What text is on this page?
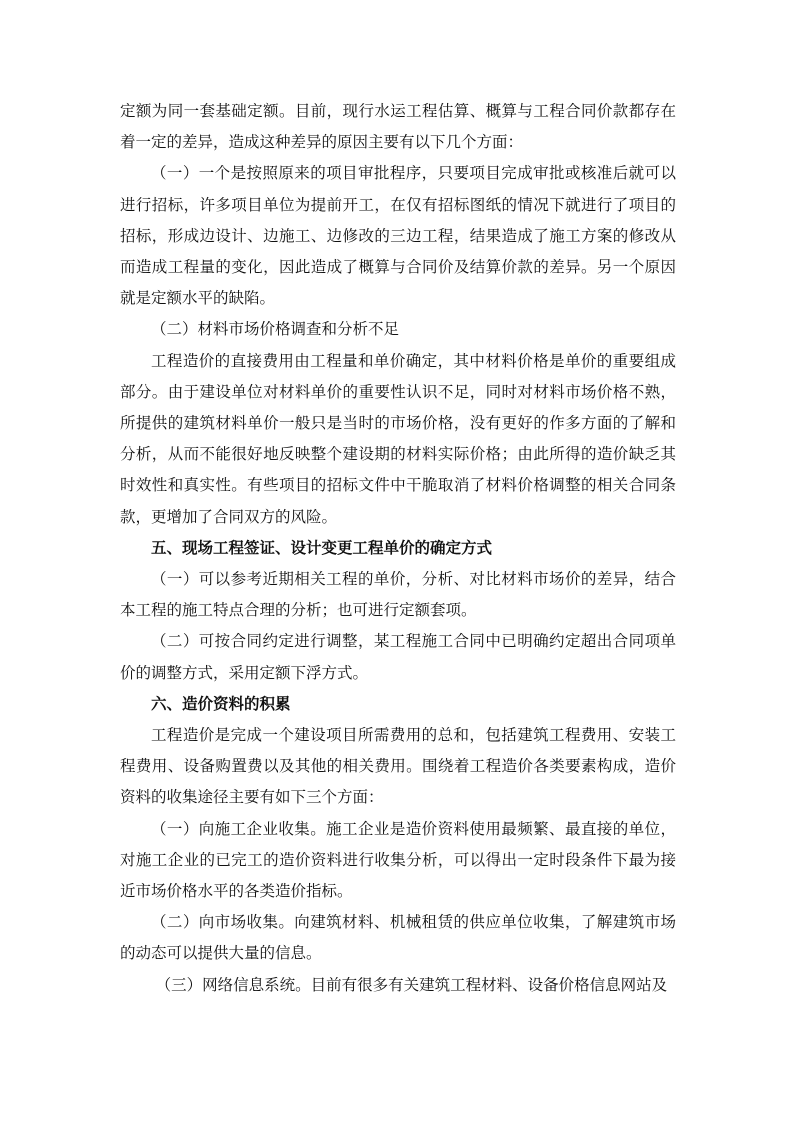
定额为同一套基础定额。目前，现行水运工程估算、概算与工程合同价款都存在着一定的差异，造成这种差异的原因主要有以下几个方面：

（一）一个是按照原来的项目审批程序，只要项目完成审批或核准后就可以进行招标，许多项目单位为提前开工，在仅有招标图纸的情况下就进行了项目的招标，形成边设计、边施工、边修改的三边工程，结果造成了施工方案的修改从而造成工程量的变化，因此造成了概算与合同价及结算价款的差异。另一个原因就是定额水平的缺陷。

（二）材料市场价格调查和分析不足

工程造价的直接费用由工程量和单价确定，其中材料价格是单价的重要组成部分。由于建设单位对材料单价的重要性认识不足，同时对材料市场价格不熟，所提供的建筑材料单价一般只是当时的市场价格，没有更好的作多方面的了解和分析，从而不能很好地反映整个建设期的材料实际价格；由此所得的造价缺乏其时效性和真实性。有些项目的招标文件中干脆取消了材料价格调整的相关合同条款，更增加了合同双方的风险。

五、现场工程签证、设计变更工程单价的确定方式

（一）可以参考近期相关工程的单价，分析、对比材料市场价的差异，结合本工程的施工特点合理的分析；也可进行定额套项。

（二）可按合同约定进行调整，某工程施工合同中已明确约定超出合同项单价的调整方式，采用定额下浮方式。

六、造价资料的积累

工程造价是完成一个建设项目所需费用的总和，包括建筑工程费用、安装工程费用、设备购置费以及其他的相关费用。围绕着工程造价各类要素构成，造价资料的收集途径主要有如下三个方面：

（一）向施工企业收集。施工企业是造价资料使用最频繁、最直接的单位，对施工企业的已完工的造价资料进行收集分析，可以得出一定时段条件下最为接近市场价格水平的各类造价指标。

（二）向市场收集。向建筑材料、机械租赁的供应单位收集，了解建筑市场的动态可以提供大量的信息。

（三）网络信息系统。目前有很多有关建筑工程材料、设备价格信息网站及
